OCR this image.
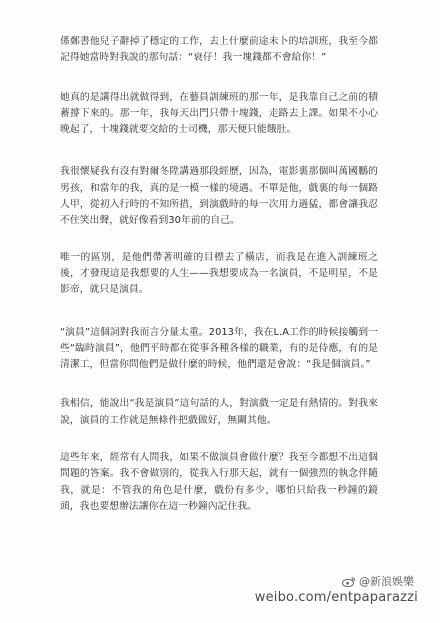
係鄭書他兒子辭掉了穩定的工作，去上什麼前途未卜的培訓班，我至今都記得她當時對我說的那句話：“衰仔！我一塊錢都不會給你！”

她真的是講得出就做得到，在藝員訓練班的那一年，是我靠自己之前的積蓄撐下來的。那一年，我每天出門只帶十塊錢，走路去上課。如果不小心晚起了，十塊錢就要交給的士司機，那天便只能餓肚。

我很懷疑我有沒有對爾冬陞講過那段經歷，因為，電影裏那個叫萬國鵬的男孩，和當年的我，真的是一模一樣的境遇。不單是他，戲裏的每一個路人甲，從初入行時的不知所措，到演戲時的每一次用力過猛，都會讓我忍不住笑出聲，就好像看到30年前的自己。

唯一的區別，是他們帶著明確的目標去了橫店，而我是在進入訓練班之後，才發現這是我想要的人生——我想要成為一名演員，不是明星，不是影帝，就只是演員。

“演員”這個詞對我而言分量太重。2013年，我在L.A工作的時候接觸到一些“臨時演員”，他們平時都在從事各種各樣的職業，有的是侍應，有的是清潔工，但當你問他們是做什麼的時候，他們還是會說：“我是個演員。”

我相信，能說出“我是演員”這句話的人，對演戲一定是有熱情的。對我來說，演員的工作就是無條件把戲做好，無關其他。

這些年來，經常有人問我，如果不做演員會做什麼？我至今都想不出這個問題的答案。我不會做別的，從我入行那天起，就有一個強烈的執念伴隨我，就是：不管我的角色是什麼，戲份有多少，哪怕只給我一秒鐘的鏡頭，我也要想辦法讓你在這一秒鐘內記住我。

@新浪娛樂
weibo.com/entpaparazzi
